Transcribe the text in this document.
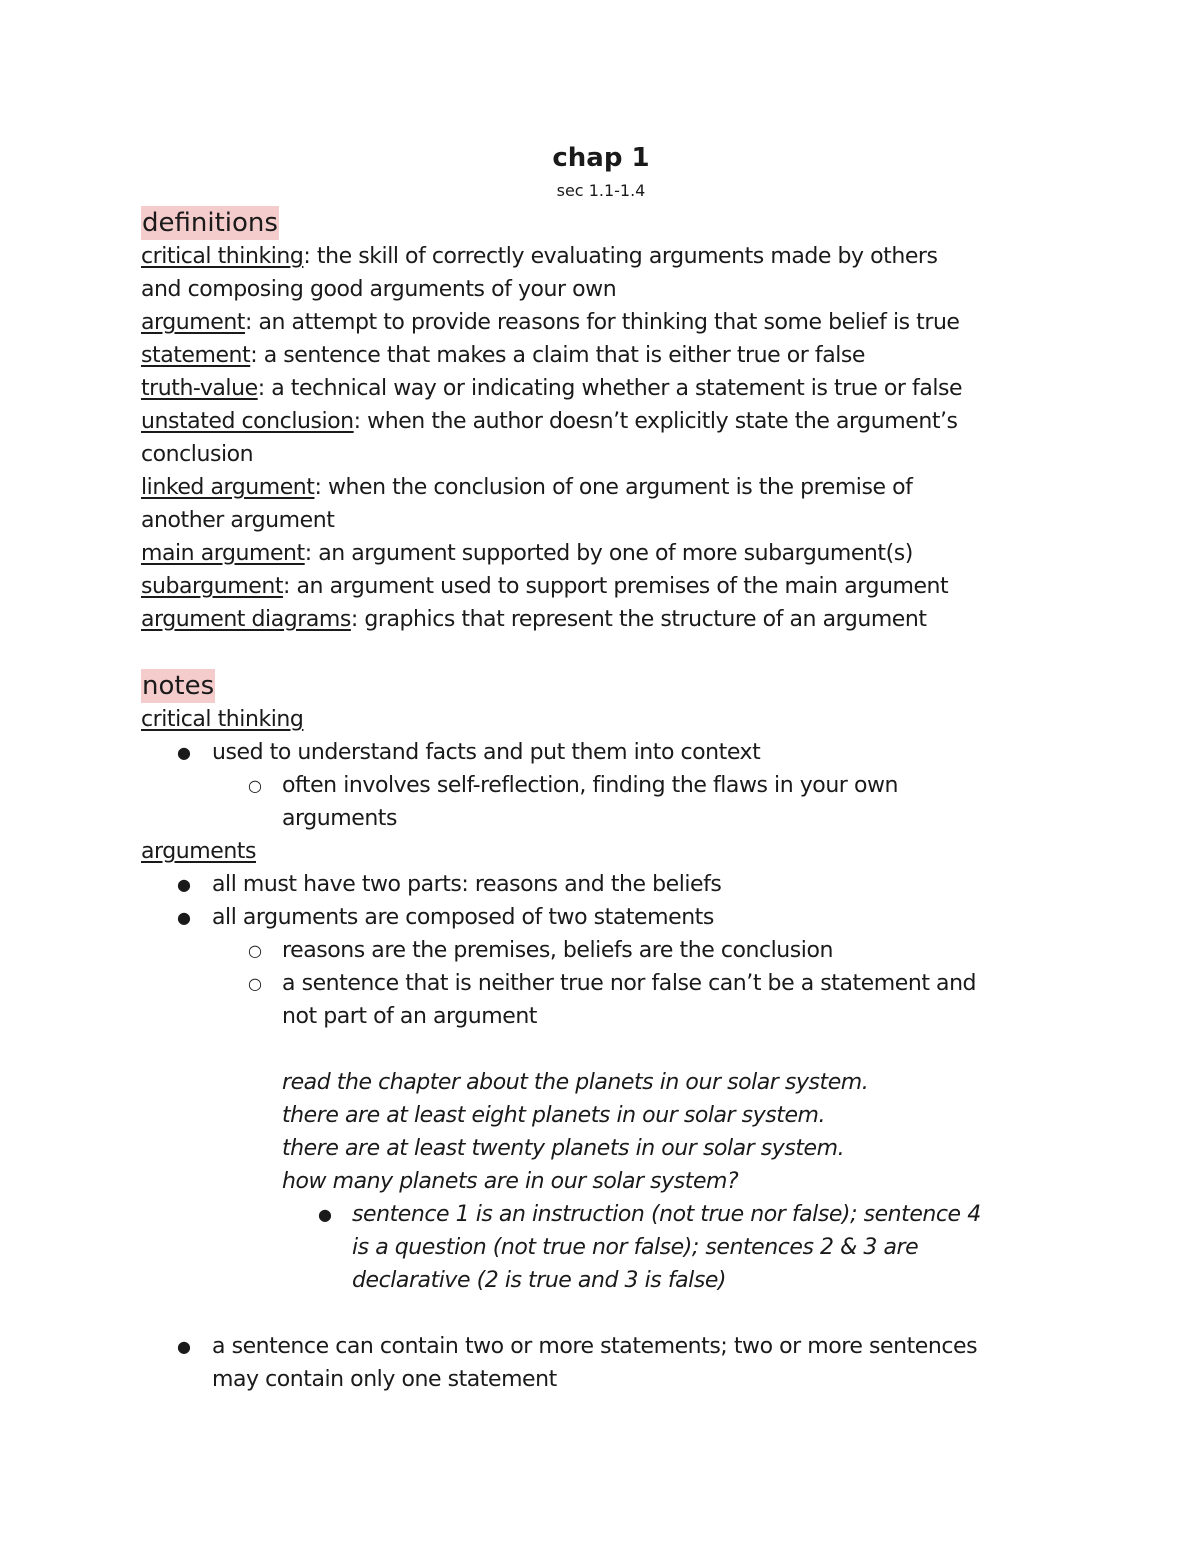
chap 1
sec 1.1-1.4
definitions
critical thinking: the skill of correctly evaluating arguments made by others
and composing good arguments of your own
argument: an attempt to provide reasons for thinking that some belief is true
statement: a sentence that makes a claim that is either true or false
truth-value: a technical way or indicating whether a statement is true or false
unstated conclusion: when the author doesn’t explicitly state the argument’s
conclusion
linked argument: when the conclusion of one argument is the premise of
another argument
main argument: an argument supported by one of more subargument(s)
subargument: an argument used to support premises of the main argument
argument diagrams: graphics that represent the structure of an argument
notes
critical thinking
● used to understand facts and put them into context
○ often involves self-reflection, finding the flaws in your own
arguments
arguments
● all must have two parts: reasons and the beliefs
● all arguments are composed of two statements
○ reasons are the premises, beliefs are the conclusion
○ a sentence that is neither true nor false can’t be a statement and
not part of an argument
read the chapter about the planets in our solar system.
there are at least eight planets in our solar system.
there are at least twenty planets in our solar system.
how many planets are in our solar system?
● sentence 1 is an instruction (not true nor false); sentence 4
is a question (not true nor false); sentences 2 & 3 are
declarative (2 is true and 3 is false)
● a sentence can contain two or more statements; two or more sentences
may contain only one statement
